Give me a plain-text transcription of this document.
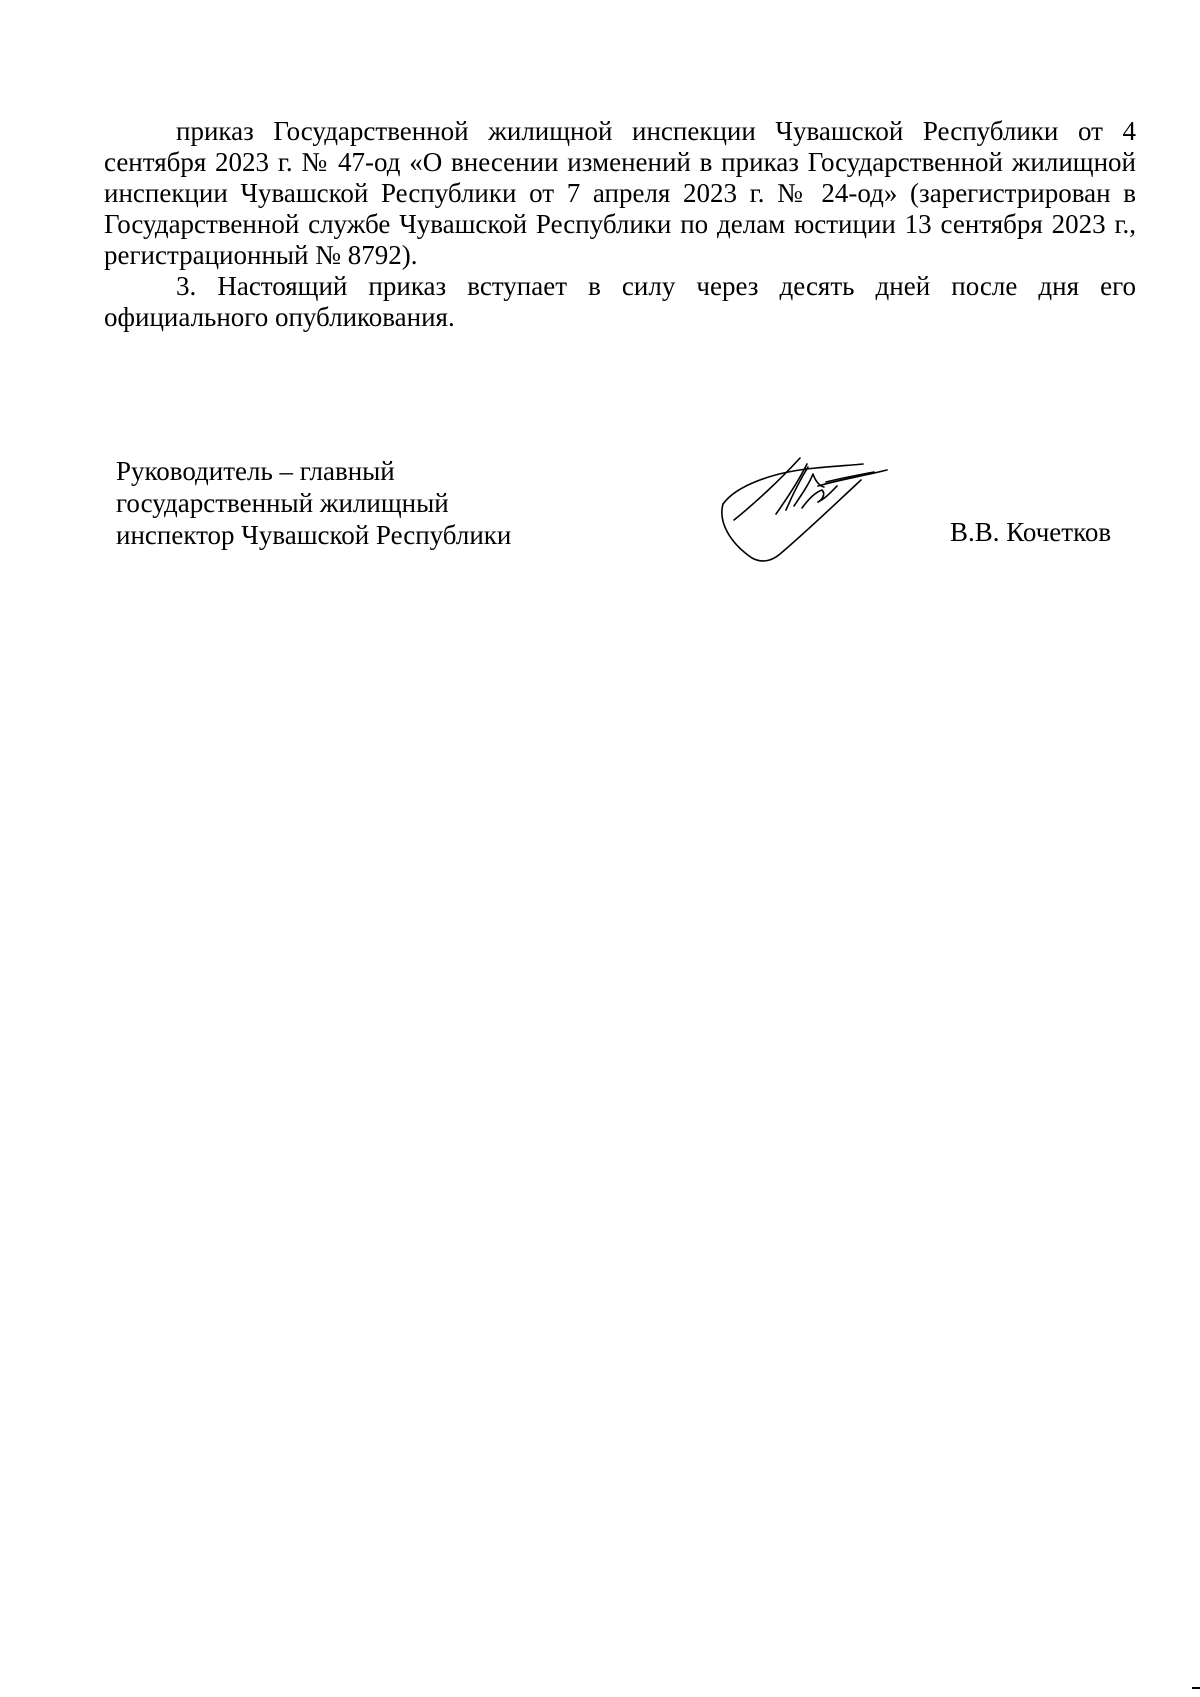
приказ Государственной жилищной инспекции Чувашской Республики от 4 сентября 2023 г. № 47-од «О внесении изменений в приказ Государственной жилищной инспекции Чувашской Республики от 7 апреля 2023 г. № 24-од» (зарегистрирован в Государственной службе Чувашской Республики по делам юстиции 13 сентября 2023 г., регистрационный № 8792).

3. Настоящий приказ вступает в силу через десять дней после дня его официального опубликования.

Руководитель – главный
государственный жилищный
инспектор Чувашской Республики	В.В. Кочетков
